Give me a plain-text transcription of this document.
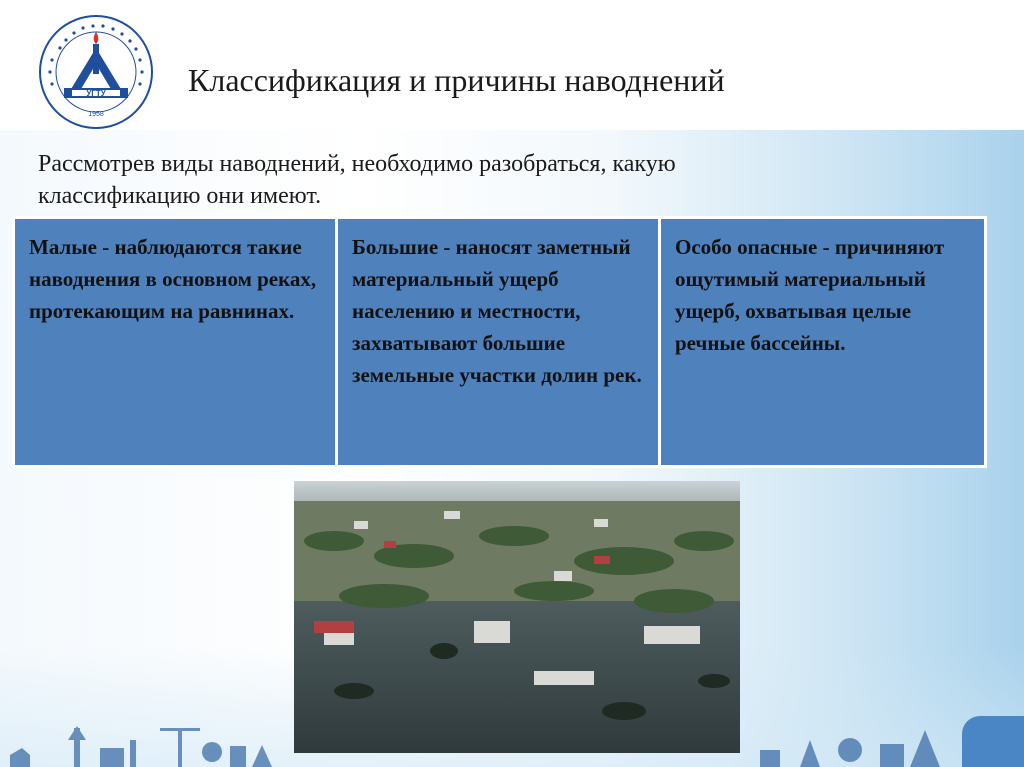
УГТУ
1958
Классификация и причины наводнений
Рассмотрев виды наводнений, необходимо разобраться, какую классификацию они имеют.
Малые - наблюдаются такие наводнения в основном реках, протекающим на равнинах.
Большие - наносят заметный материальный ущерб населению и местности, захватывают большие земельные участки долин рек.
Особо опасные - причиняют ощутимый материальный ущерб, охватывая целые речные бассейны.
